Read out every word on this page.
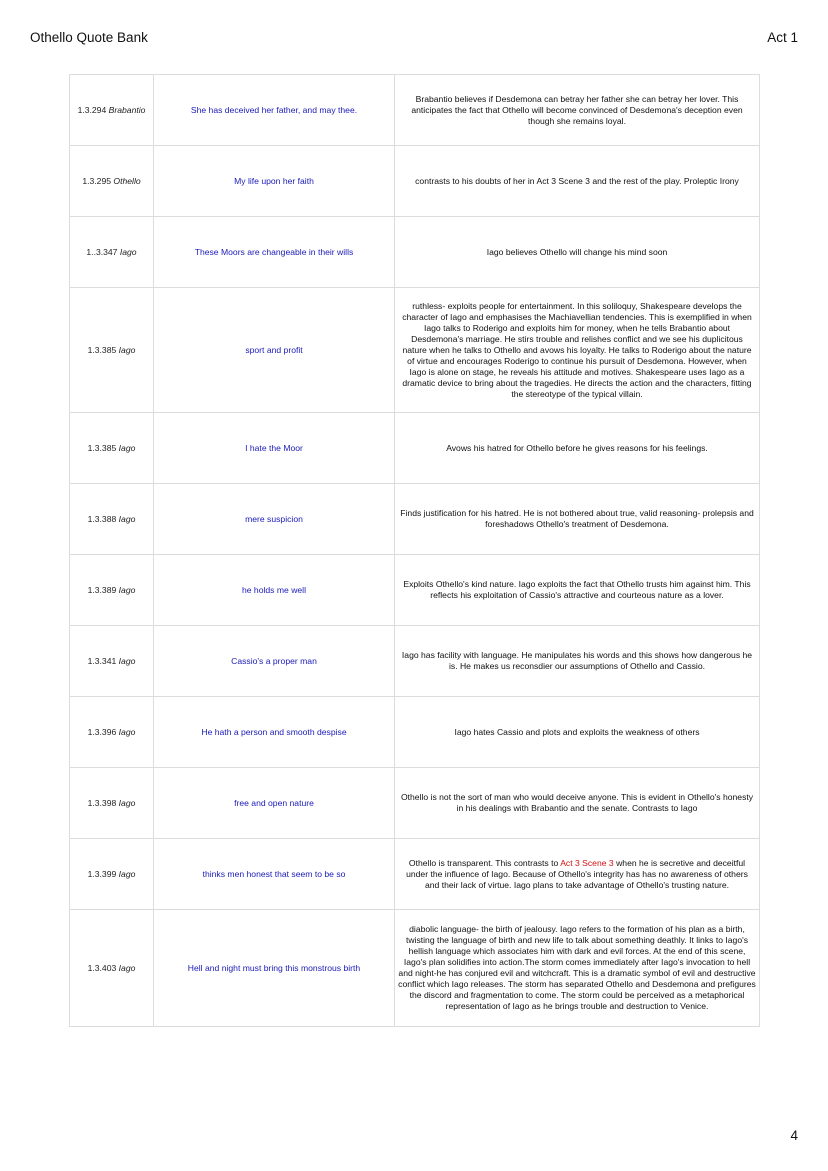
Othello Quote Bank	Act 1
1.3.294 Brabantio	She has deceived her father, and may thee.	Brabantio believes if Desdemona can betray her father she can betray her lover. This anticipates the fact that Othello will become convinced of Desdemona's deception even though she remains loyal.
1.3.295 Othello	My life upon her faith	contrasts to his doubts of her in Act 3 Scene 3 and the rest of the play. Proleptic Irony
1..3.347 Iago	These Moors are changeable in their wills	Iago believes Othello will change his mind soon
1.3.385 Iago	sport and profit	ruthless- exploits people for entertainment. In this soliloquy, Shakespeare develops the character of Iago and emphasises the Machiavellian tendencies. This is exemplified in when Iago talks to Roderigo and exploits him for money, when he tells Brabantio about Desdemona's marriage. He stirs trouble and relishes conflict and we see his duplicitous nature when he talks to Othello and avows his loyalty. He talks to Roderigo about the nature of virtue and encourages Roderigo to continue his pursuit of Desdemona. However, when Iago is alone on stage, he reveals his attitude and motives. Shakespeare uses Iago as a dramatic device to bring about the tragedies. He directs the action and the characters, fitting the stereotype of the typical villain.
1.3.385 Iago	I hate the Moor	Avows his hatred for Othello before he gives reasons for his feelings.
1.3.388 Iago	mere suspicion	Finds justification for his hatred. He is not bothered about true, valid reasoning- prolepsis and foreshadows Othello's treatment of Desdemona.
1.3.389 Iago	he holds me well	Exploits Othello's kind nature. Iago exploits the fact that Othello trusts him against him. This reflects his exploitation of Cassio's attractive and courteous nature as a lover.
1.3.341 Iago	Cassio's a proper man	Iago has facility with language. He manipulates his words and this shows how dangerous he is. He makes us reconsdier our assumptions of Othello and Cassio.
1.3.396 Iago	He hath a person and smooth despise	Iago hates Cassio and plots and exploits the weakness of others
1.3.398 Iago	free and open nature	Othello is not the sort of man who would deceive anyone. This is evident in Othello's honesty in his dealings with Brabantio and the senate. Contrasts to Iago
1.3.399 Iago	thinks men honest that seem to be so	Othello is transparent. This contrasts to Act 3 Scene 3 when he is secretive and deceitful under the influence of Iago. Because of Othello's integrity has has no awareness of others and their lack of virtue. Iago plans to take advantage of Othello's trusting nature.
1.3.403 Iago	Hell and night must bring this monstrous birth	diabolic language- the birth of jealousy. Iago refers to the formation of his plan as a birth, twisting the language of birth and new life to talk about something deathly. It links to Iago's hellish language which associates him with dark and evil forces. At the end of this scene, Iago's plan solidifies into action.The storm comes immediately after Iago's invocation to hell and night-he has conjured evil and witchcraft. This is a dramatic symbol of evil and destructive conflict which Iago releases. The storm has separated Othello and Desdemona and prefigures the discord and fragmentation to come. The storm could be perceived as a metaphorical representation of Iago as he brings trouble and destruction to Venice.
4
